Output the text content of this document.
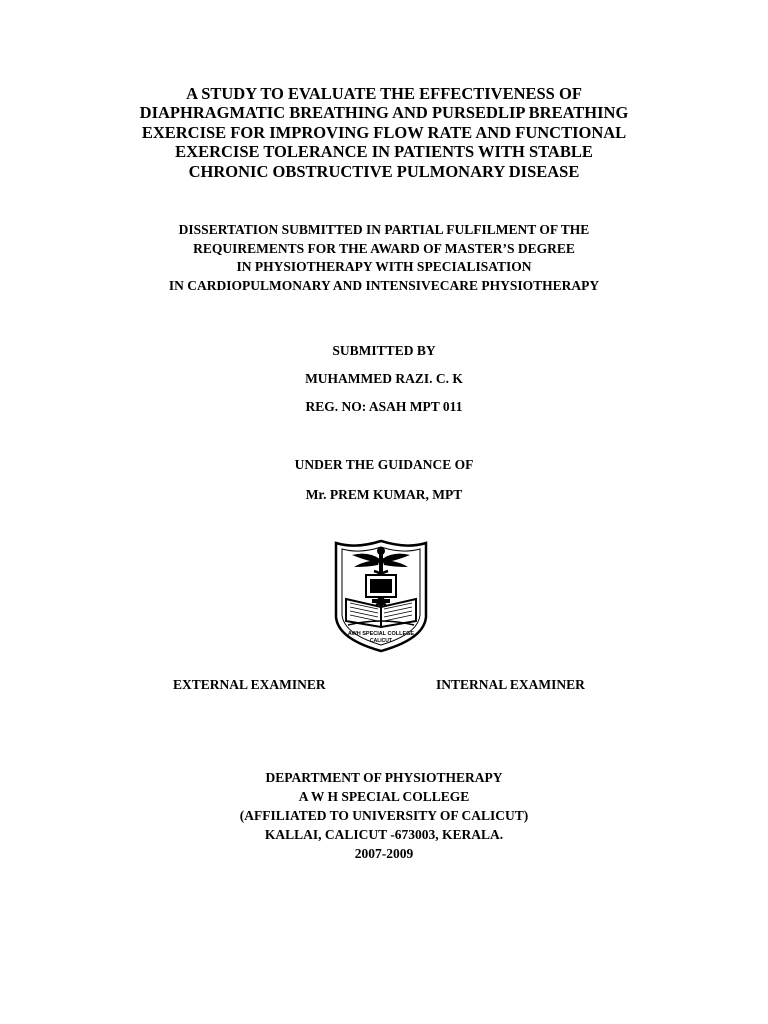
A STUDY TO EVALUATE THE EFFECTIVENESS OF
DIAPHRAGMATIC BREATHING AND PURSEDLIP BREATHING
EXERCISE FOR IMPROVING FLOW RATE AND FUNCTIONAL
EXERCISE TOLERANCE IN PATIENTS WITH STABLE
CHRONIC OBSTRUCTIVE PULMONARY DISEASE
DISSERTATION SUBMITTED IN PARTIAL FULFILMENT OF THE
REQUIREMENTS FOR THE AWARD OF MASTER’S DEGREE
IN PHYSIOTHERAPY WITH SPECIALISATION
IN CARDIOPULMONARY AND INTENSIVECARE PHYSIOTHERAPY
SUBMITTED BY
MUHAMMED RAZI. C. K
REG. NO: ASAH MPT 011
UNDER THE GUIDANCE OF
Mr. PREM KUMAR, MPT
AWH SPECIAL COLLEGE
CALICUT
EXTERNAL EXAMINER	INTERNAL EXAMINER
DEPARTMENT OF PHYSIOTHERAPY
A W H SPECIAL COLLEGE
(AFFILIATED TO UNIVERSITY OF CALICUT)
KALLAI, CALICUT -673003, KERALA.
2007-2009
